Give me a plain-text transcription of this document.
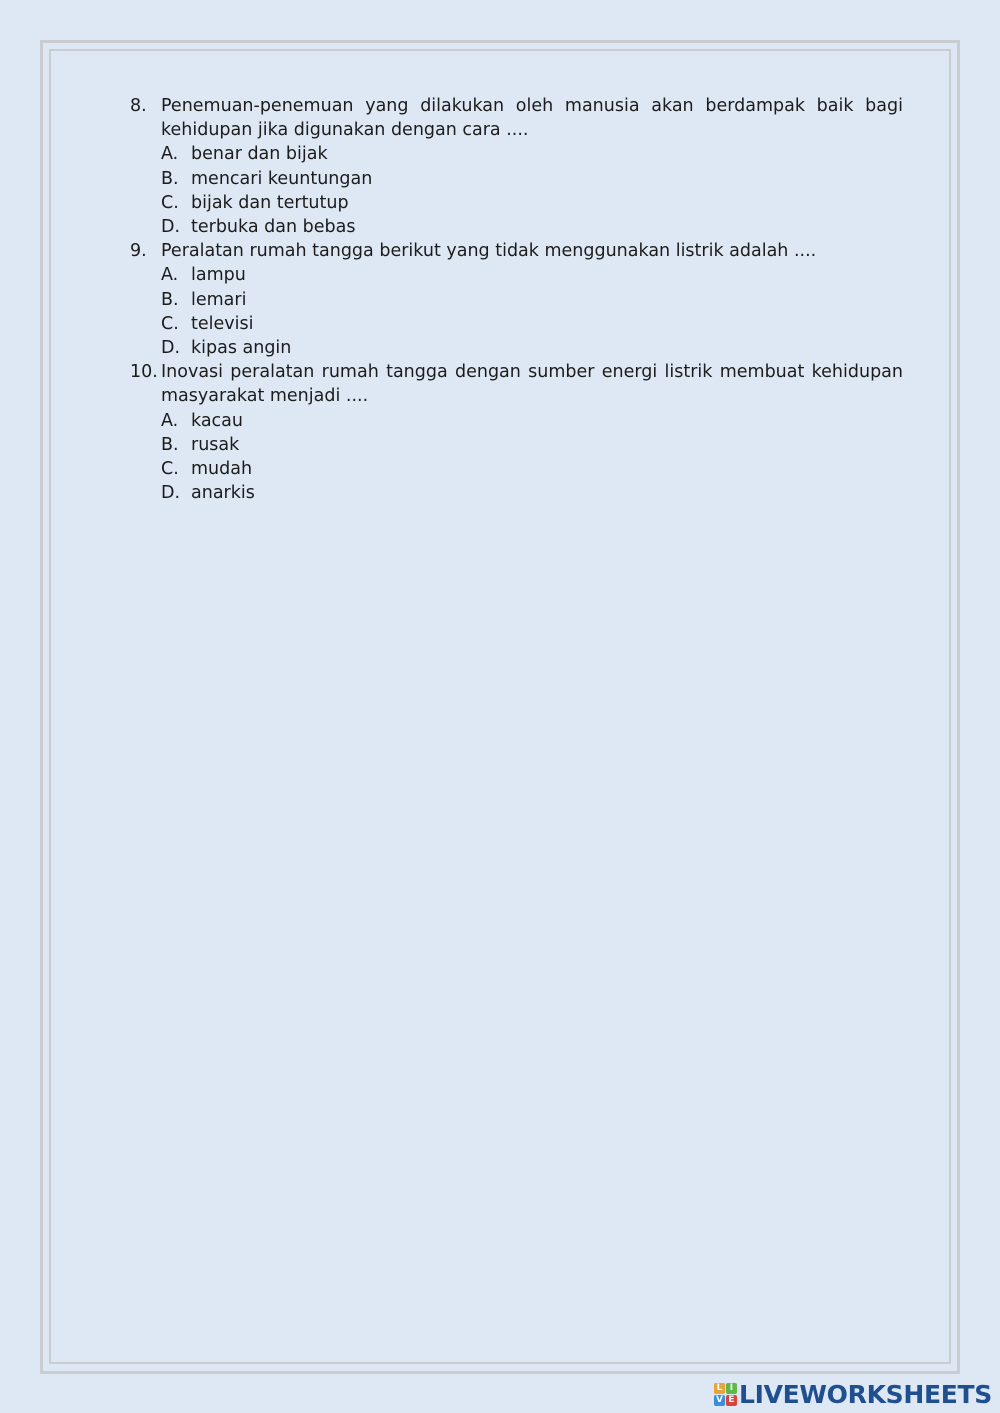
8. Penemuan-penemuan yang dilakukan oleh manusia akan berdampak baik bagi kehidupan jika digunakan dengan cara ....
A. benar dan bijak
B. mencari keuntungan
C. bijak dan tertutup
D. terbuka dan bebas
9. Peralatan rumah tangga berikut yang tidak menggunakan listrik adalah ....
A. lampu
B. lemari
C. televisi
D. kipas angin
10. Inovasi peralatan rumah tangga dengan sumber energi listrik membuat kehidupan masyarakat menjadi ....
A. kacau
B. rusak
C. mudah
D. anarkis
L I
V E LIVEWORKSHEETS
